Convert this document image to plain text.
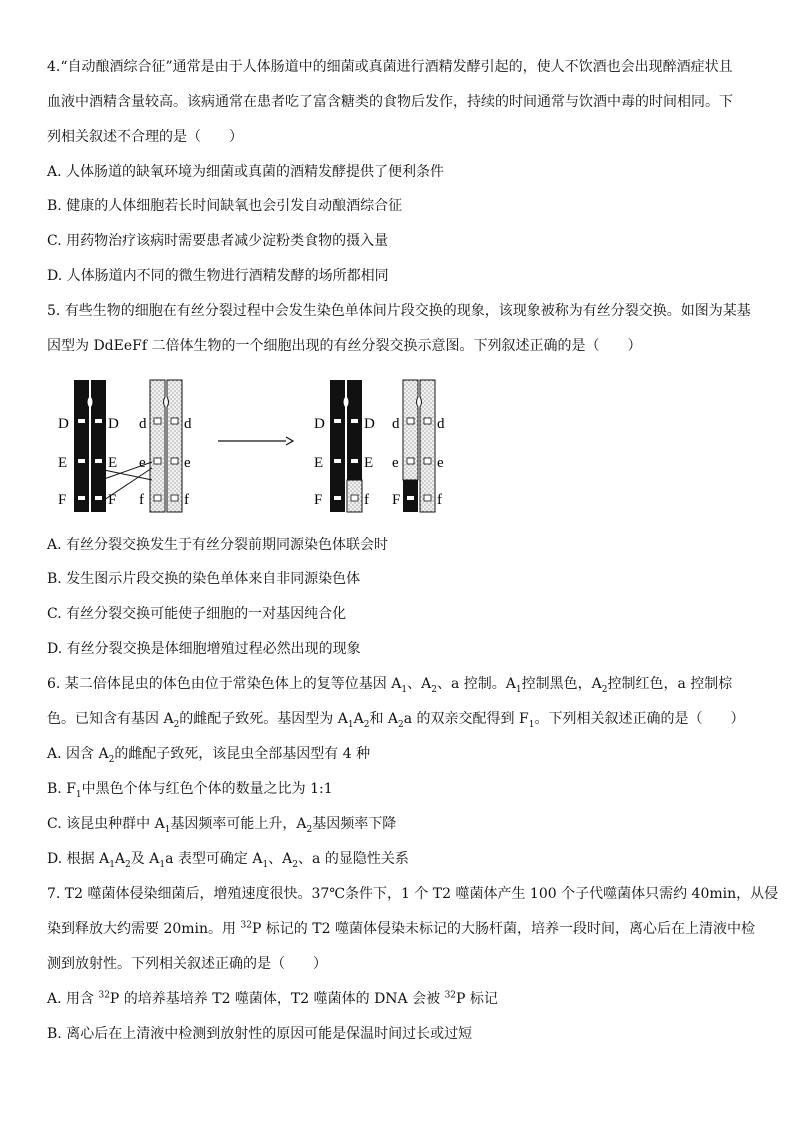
4.“自动酿酒综合征”通常是由于人体肠道中的细菌或真菌进行酒精发酵引起的，使人不饮酒也会出现醉酒症状且
血液中酒精含量较高。该病通常在患者吃了富含糖类的食物后发作，持续的时间通常与饮酒中毒的时间相同。下
列相关叙述不合理的是（　　）
A. 人体肠道的缺氧环境为细菌或真菌的酒精发酵提供了便利条件
B. 健康的人体细胞若长时间缺氧也会引发自动酿酒综合征
C. 用药物治疗该病时需要患者减少淀粉类食物的摄入量
D. 人体肠道内不同的微生物进行酒精发酵的场所都相同
5. 有些生物的细胞在有丝分裂过程中会发生染色单体间片段交换的现象，该现象被称为有丝分裂交换。如图为某基
因型为 DdEeFf 二倍体生物的一个细胞出现的有丝分裂交换示意图。下列叙述正确的是（　　）
D	D d	d
E	E e	e
F	F f	f
D	D d	d
E	E e	e
F	f F f
A. 有丝分裂交换发生于有丝分裂前期同源染色体联会时
B. 发生图示片段交换的染色单体来自非同源染色体
C. 有丝分裂交换可能使子细胞的一对基因纯合化
D. 有丝分裂交换是体细胞增殖过程必然出现的现象
6. 某二倍体昆虫的体色由位于常染色体上的复等位基因 $A_1$、$A_2$、a 控制。$A_1$控制黑色，$A_2$控制红色，a 控制棕
色。已知含有基因 $A_2$的雌配子致死。基因型为 $A_1A_2$和 $A_2a$ 的双亲交配得到 $F_1$。下列相关叙述正确的是（　　）
A. 因含 $A_2$的雌配子致死，该昆虫全部基因型有 4 种
B. $F_1$中黑色个体与红色个体的数量之比为 1:1
C. 该昆虫种群中 $A_1$基因频率可能上升，$A_2$基因频率下降
D. 根据 $A_1A_2$及 $A_1a$ 表型可确定 $A_1$、$A_2$、a 的显隐性关系
7. T2 噬菌体侵染细菌后，增殖速度很快。37℃条件下，1 个 T2 噬菌体产生 100 个子代噬菌体只需约 40min，从侵
染到释放大约需要 20min。用 $^{32}$P 标记的 T2 噬菌体侵染未标记的大肠杆菌，培养一段时间，离心后在上清液中检
测到放射性。下列相关叙述正确的是（　　）
A. 用含 $^{32}$P 的培养基培养 T2 噬菌体，T2 噬菌体的 DNA 会被 $^{32}$P 标记
B. 离心后在上清液中检测到放射性的原因可能是保温时间过长或过短
